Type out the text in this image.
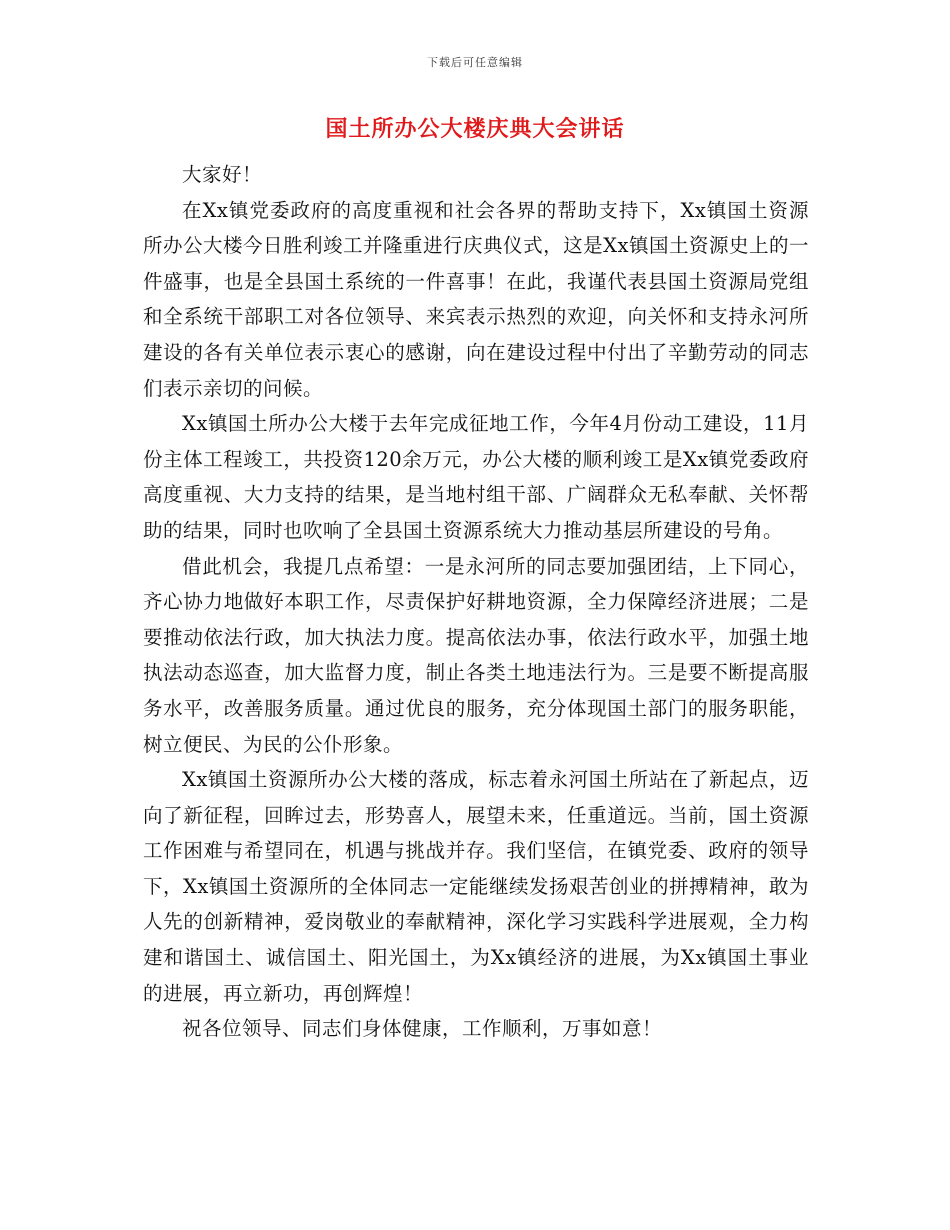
下载后可任意编辑
国土所办公大楼庆典大会讲话

大家好！

在Xx镇党委政府的高度重视和社会各界的帮助支持下，Xx镇国土资源所办公大楼今日胜利竣工并隆重进行庆典仪式，这是Xx镇国土资源史上的一件盛事，也是全县国土系统的一件喜事！在此，我谨代表县国土资源局党组和全系统干部职工对各位领导、来宾表示热烈的欢迎，向关怀和支持永河所建设的各有关单位表示衷心的感谢，向在建设过程中付出了辛勤劳动的同志们表示亲切的问候。

Xx镇国土所办公大楼于去年完成征地工作，今年4月份动工建设，11月份主体工程竣工，共投资120余万元，办公大楼的顺利竣工是Xx镇党委政府高度重视、大力支持的结果，是当地村组干部、广阔群众无私奉献、关怀帮助的结果，同时也吹响了全县国土资源系统大力推动基层所建设的号角。

借此机会，我提几点希望：一是永河所的同志要加强团结，上下同心，齐心协力地做好本职工作，尽责保护好耕地资源，全力保障经济进展；二是要推动依法行政，加大执法力度。提高依法办事，依法行政水平，加强土地执法动态巡查，加大监督力度，制止各类土地违法行为。三是要不断提高服务水平，改善服务质量。通过优良的服务，充分体现国土部门的服务职能，树立便民、为民的公仆形象。

Xx镇国土资源所办公大楼的落成，标志着永河国土所站在了新起点，迈向了新征程，回眸过去，形势喜人，展望未来，任重道远。当前，国土资源工作困难与希望同在，机遇与挑战并存。我们坚信，在镇党委、政府的领导下，Xx镇国土资源所的全体同志一定能继续发扬艰苦创业的拼搏精神，敢为人先的创新精神，爱岗敬业的奉献精神，深化学习实践科学进展观，全力构建和谐国土、诚信国土、阳光国土，为Xx镇经济的进展，为Xx镇国土事业的进展，再立新功，再创辉煌！

祝各位领导、同志们身体健康，工作顺利，万事如意！
